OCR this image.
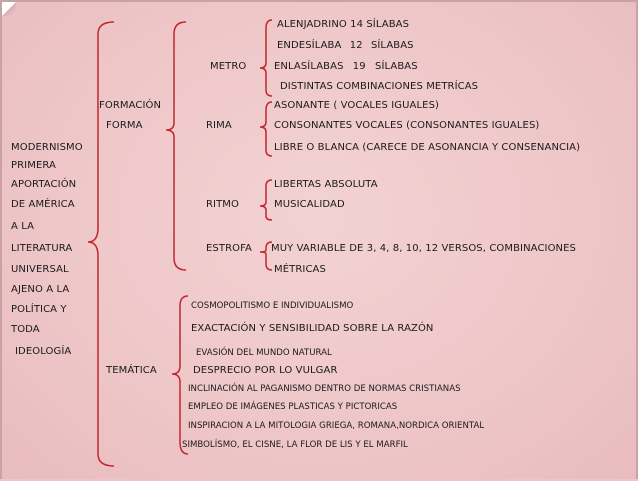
MODERNISMO
PRIMERA
APORTACIÓN
DE AMÉRICA
A LA
LITERATURA
UNIVERSAL
AJENO A LA
POLÍTICA Y
TODA
IDEOLOGÍA
FORMACIÓN
FORMA
METRO
ALENJADRINO 14 SÍLABAS
ENDESÍLABA 12 SÍLABAS
ENLASÍLABAS 19 SÍLABAS
DISTINTAS COMBINACIONES METRÍCAS
RIMA
ASONANTE ( VOCALES IGUALES)
CONSONANTES VOCALES (CONSONANTES IGUALES)
LIBRE O BLANCA (CARECE DE ASONANCIA Y CONSENANCIA)
RITMO
LIBERTAS ABSOLUTA
MUSICALIDAD
ESTROFA MUY VARIABLE DE 3, 4, 8, 10, 12 VERSOS, COMBINACIONES
MÉTRICAS
TEMÁTICA
COSMOPOLITISMO E INDIVIDUALISMO
EXACTACIÓN Y SENSIBILIDAD SOBRE LA RAZÓN
EVASIÓN DEL MUNDO NATURAL
DESPRECIO POR LO VULGAR
INCLINACIÓN AL PAGANISMO DENTRO DE NORMAS CRISTIANAS
EMPLEO DE IMÁGENES PLASTICAS Y PICTORICAS
INSPIRACION A LA MITOLOGIA GRIEGA, ROMANA,NORDICA ORIENTAL
SIMBOLÍSMO, EL CISNE, LA FLOR DE LIS Y EL MARFIL
